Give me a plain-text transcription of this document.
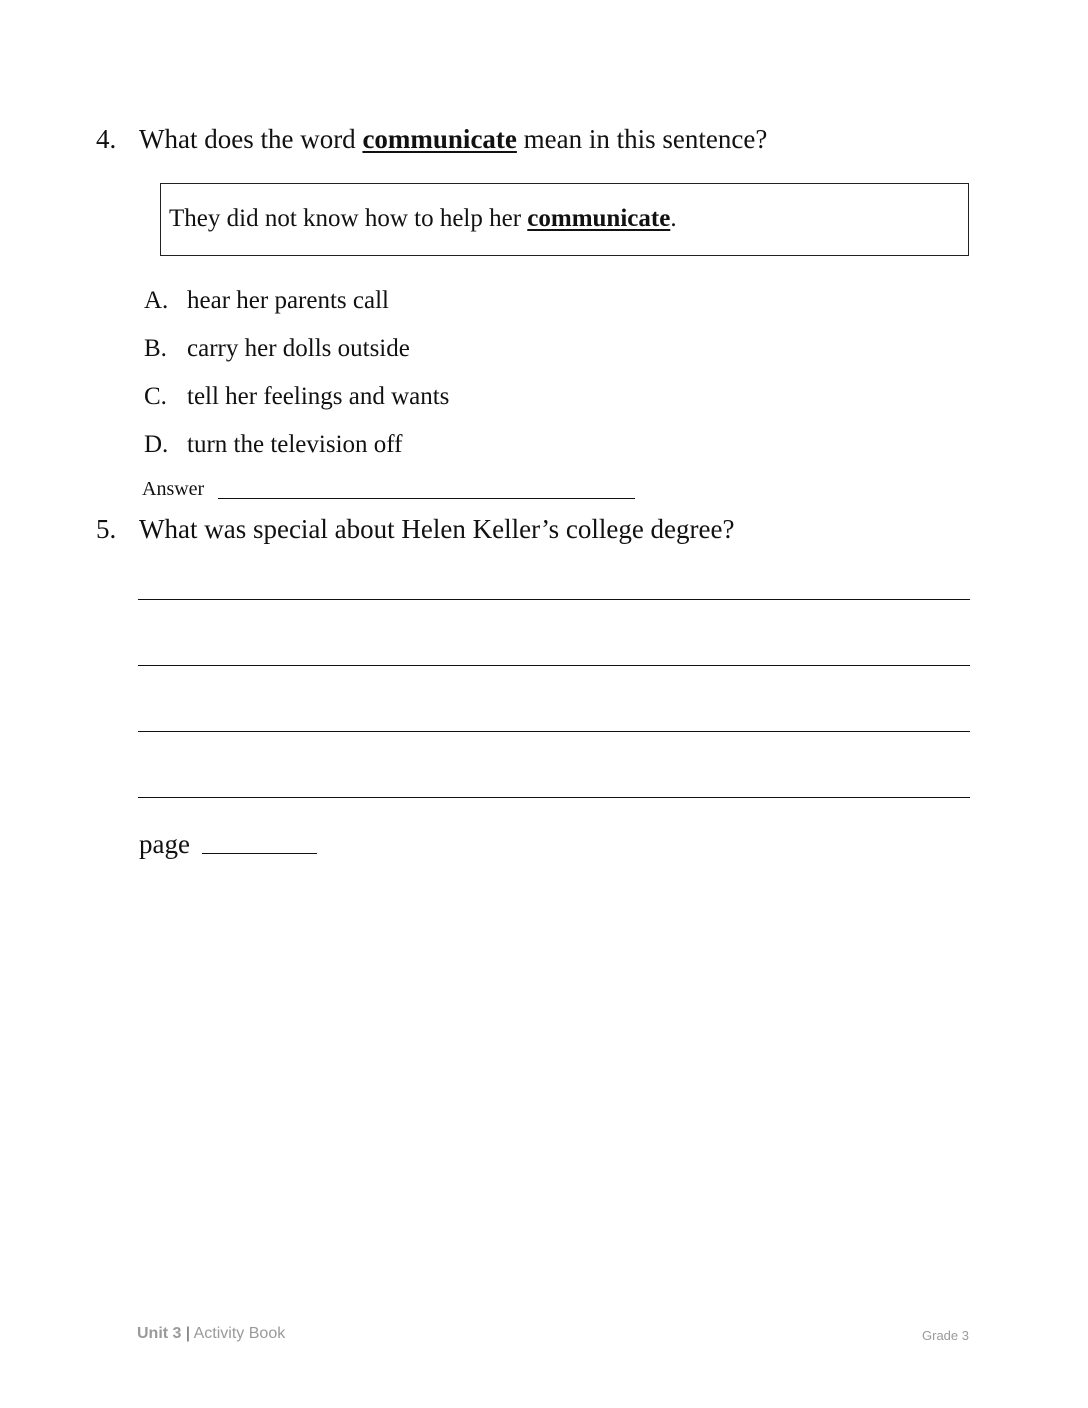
4. What does the word communicate mean in this sentence?
They did not know how to help her communicate.
A. hear her parents call
B. carry her dolls outside
C. tell her feelings and wants
D. turn the television off
Answer
5. What was special about Helen Keller’s college degree?
page
Unit 3 | Activity Book	Grade 3
